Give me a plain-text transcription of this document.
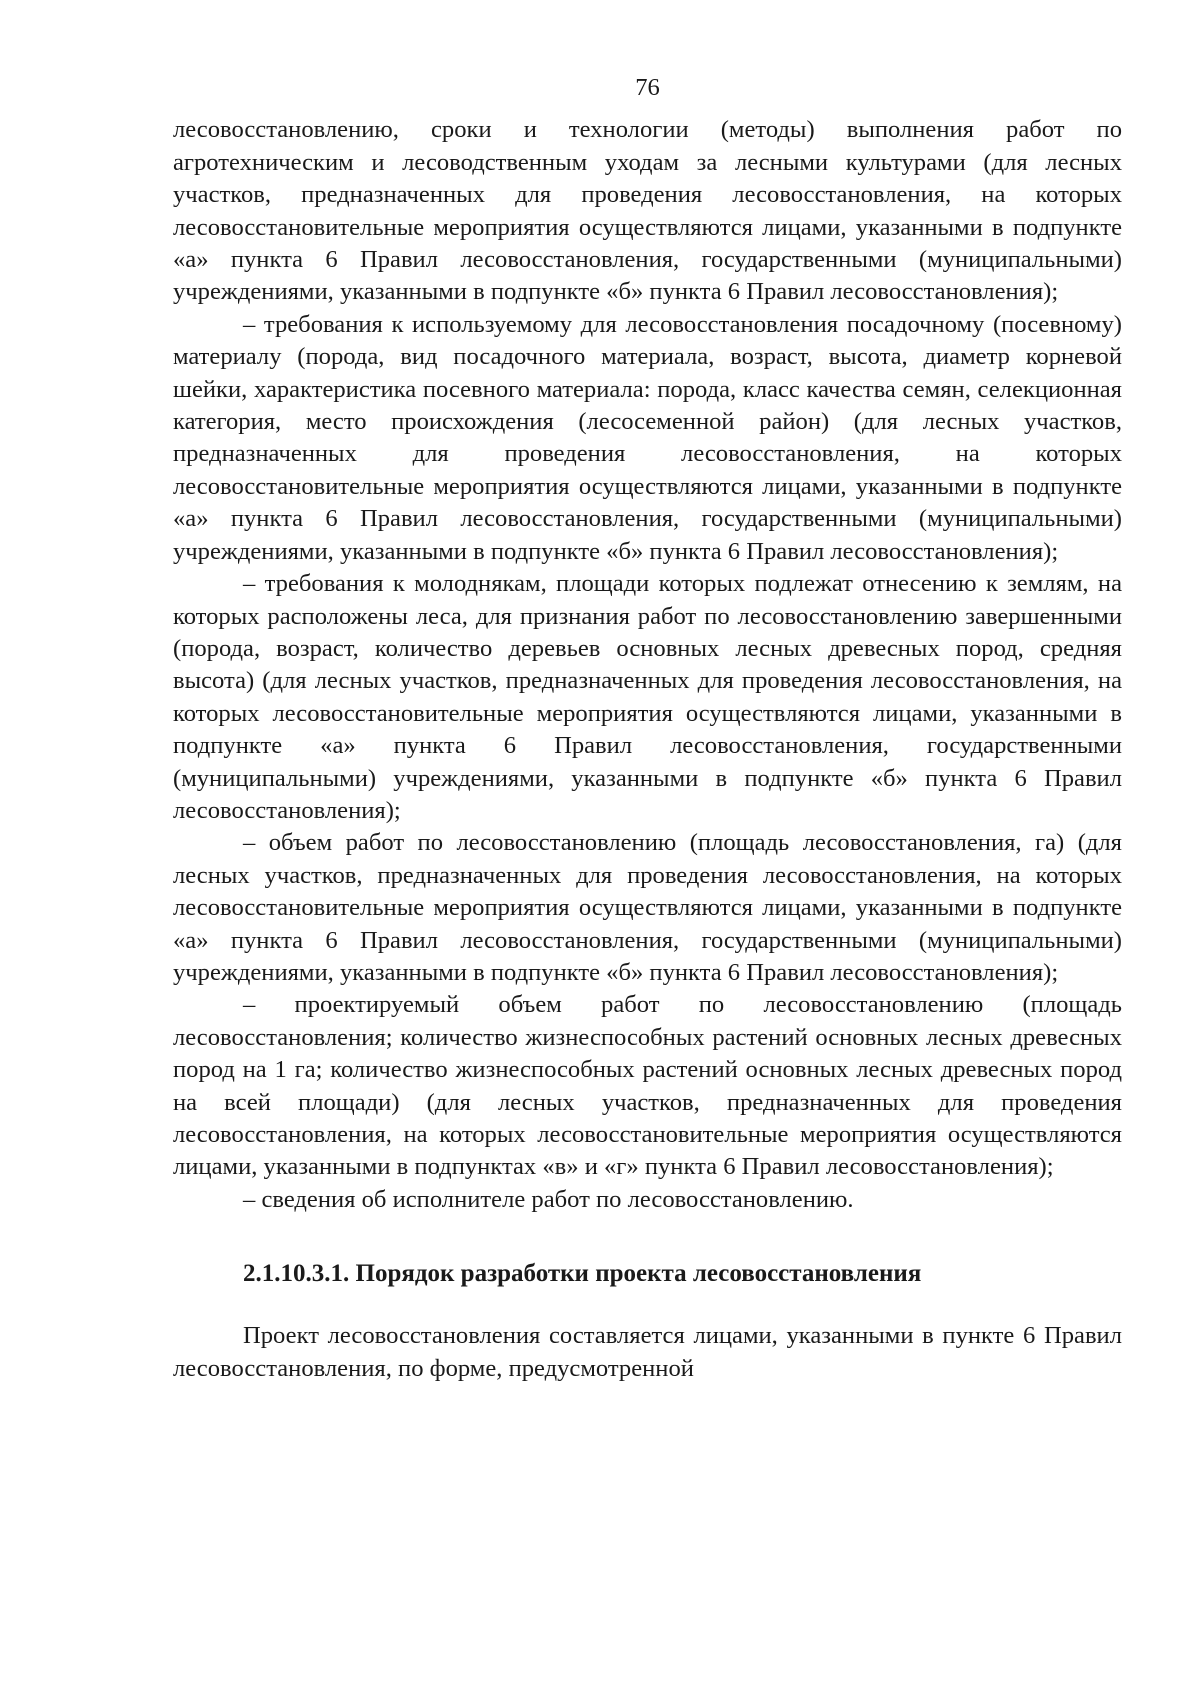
76

лесовосстановлению, сроки и технологии (методы) выполнения работ по агротехническим и лесоводственным уходам за лесными культурами (для лесных участков, предназначенных для проведения лесовосстановления, на которых лесовосстановительные мероприятия осуществляются лицами, указанными в подпункте «а» пункта 6 Правил лесовосстановления, государственными (муниципальными) учреждениями, указанными в подпункте «б» пункта 6 Правил лесовосстановления);

– требования к используемому для лесовосстановления посадочному (посевному) материалу (порода, вид посадочного материала, возраст, высота, диаметр корневой шейки, характеристика посевного материала: порода, класс качества семян, селекционная категория, место происхождения (лесосеменной район) (для лесных участков, предназначенных для проведения лесовосстановления, на которых лесовосстановительные мероприятия осуществляются лицами, указанными в подпункте «а» пункта 6 Правил лесовосстановления, государственными (муниципальными) учреждениями, указанными в подпункте «б» пункта 6 Правил лесовосстановления);

– требования к молоднякам, площади которых подлежат отнесению к землям, на которых расположены леса, для признания работ по лесовосстановлению завершенными (порода, возраст, количество деревьев основных лесных древесных пород, средняя высота) (для лесных участков, предназначенных для проведения лесовосстановления, на которых лесовосстановительные мероприятия осуществляются лицами, указанными в подпункте «а» пункта 6 Правил лесовосстановления, государственными (муниципальными) учреждениями, указанными в подпункте «б» пункта 6 Правил лесовосстановления);

– объем работ по лесовосстановлению (площадь лесовосстановления, га) (для лесных участков, предназначенных для проведения лесовосстановления, на которых лесовосстановительные мероприятия осуществляются лицами, указанными в подпункте «а» пункта 6 Правил лесовосстановления, государственными (муниципальными) учреждениями, указанными в подпункте «б» пункта 6 Правил лесовосстановления);

– проектируемый объем работ по лесовосстановлению (площадь лесовосстановления; количество жизнеспособных растений основных лесных древесных пород на 1 га; количество жизнеспособных растений основных лесных древесных пород на всей площади) (для лесных участков, предназначенных для проведения лесовосстановления, на которых лесовосстановительные мероприятия осуществляются лицами, указанными в подпунктах «в» и «г» пункта 6 Правил лесовосстановления);

– сведения об исполнителе работ по лесовосстановлению.

2.1.10.3.1. Порядок разработки проекта лесовосстановления

Проект лесовосстановления составляется лицами, указанными в пункте 6 Правил лесовосстановления, по форме, предусмотренной
